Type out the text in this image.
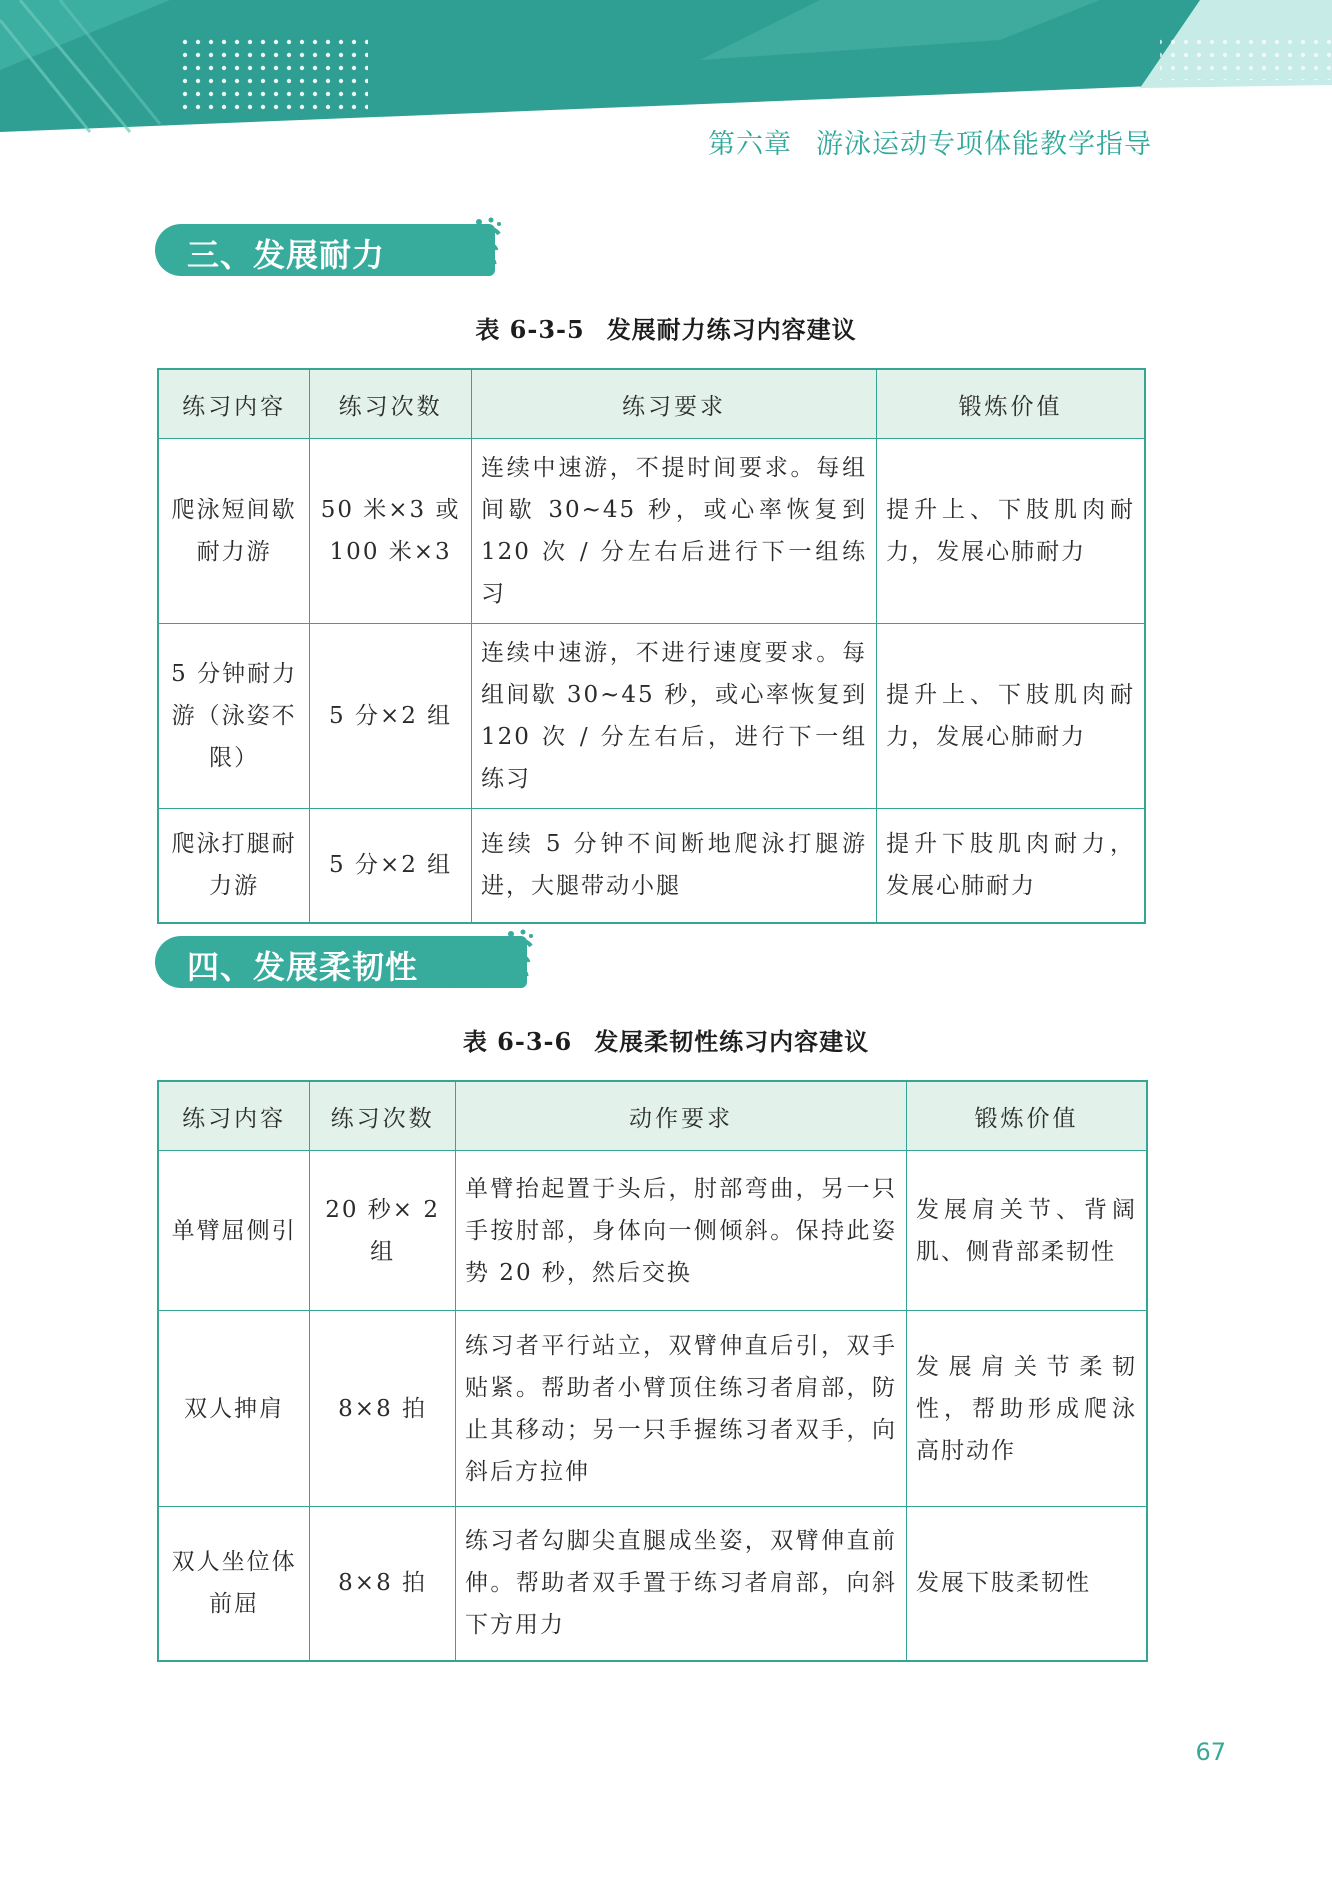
第六章 游泳运动专项体能教学指导
三、发展耐力
表 6-3-5 发展耐力练习内容建议
练习内容	练习次数	练习要求	锻炼价值
爬泳短间歇耐力游	50 米×3 或 100 米×3	连续中速游，不提时间要求。每组间歇 30~45 秒，或心率恢复到 120 次 / 分左右后进行下一组练习	提升上、下肢肌肉耐力，发展心肺耐力
5 分钟耐力游（泳姿不限）	5 分×2 组	连续中速游，不进行速度要求。每组间歇 30~45 秒，或心率恢复到 120 次 / 分左右后，进行下一组练习	提升上、下肢肌肉耐力，发展心肺耐力
爬泳打腿耐力游	5 分×2 组	连续 5 分钟不间断地爬泳打腿游进，大腿带动小腿	提升下肢肌肉耐力，发展心肺耐力
四、发展柔韧性
表 6-3-6 发展柔韧性练习内容建议
练习内容	练习次数	动作要求	锻炼价值
单臂屈侧引	20 秒× 2 组	单臂抬起置于头后，肘部弯曲，另一只手按肘部，身体向一侧倾斜。保持此姿势 20 秒，然后交换	发展肩关节、背阔肌、侧背部柔韧性
双人抻肩	8×8 拍	练习者平行站立，双臂伸直后引，双手贴紧。帮助者小臂顶住练习者肩部，防止其移动；另一只手握练习者双手，向斜后方拉伸	发展肩关节柔韧性，帮助形成爬泳高肘动作
双人坐位体前屈	8×8 拍	练习者勾脚尖直腿成坐姿，双臂伸直前伸。帮助者双手置于练习者肩部，向斜下方用力	发展下肢柔韧性
67
